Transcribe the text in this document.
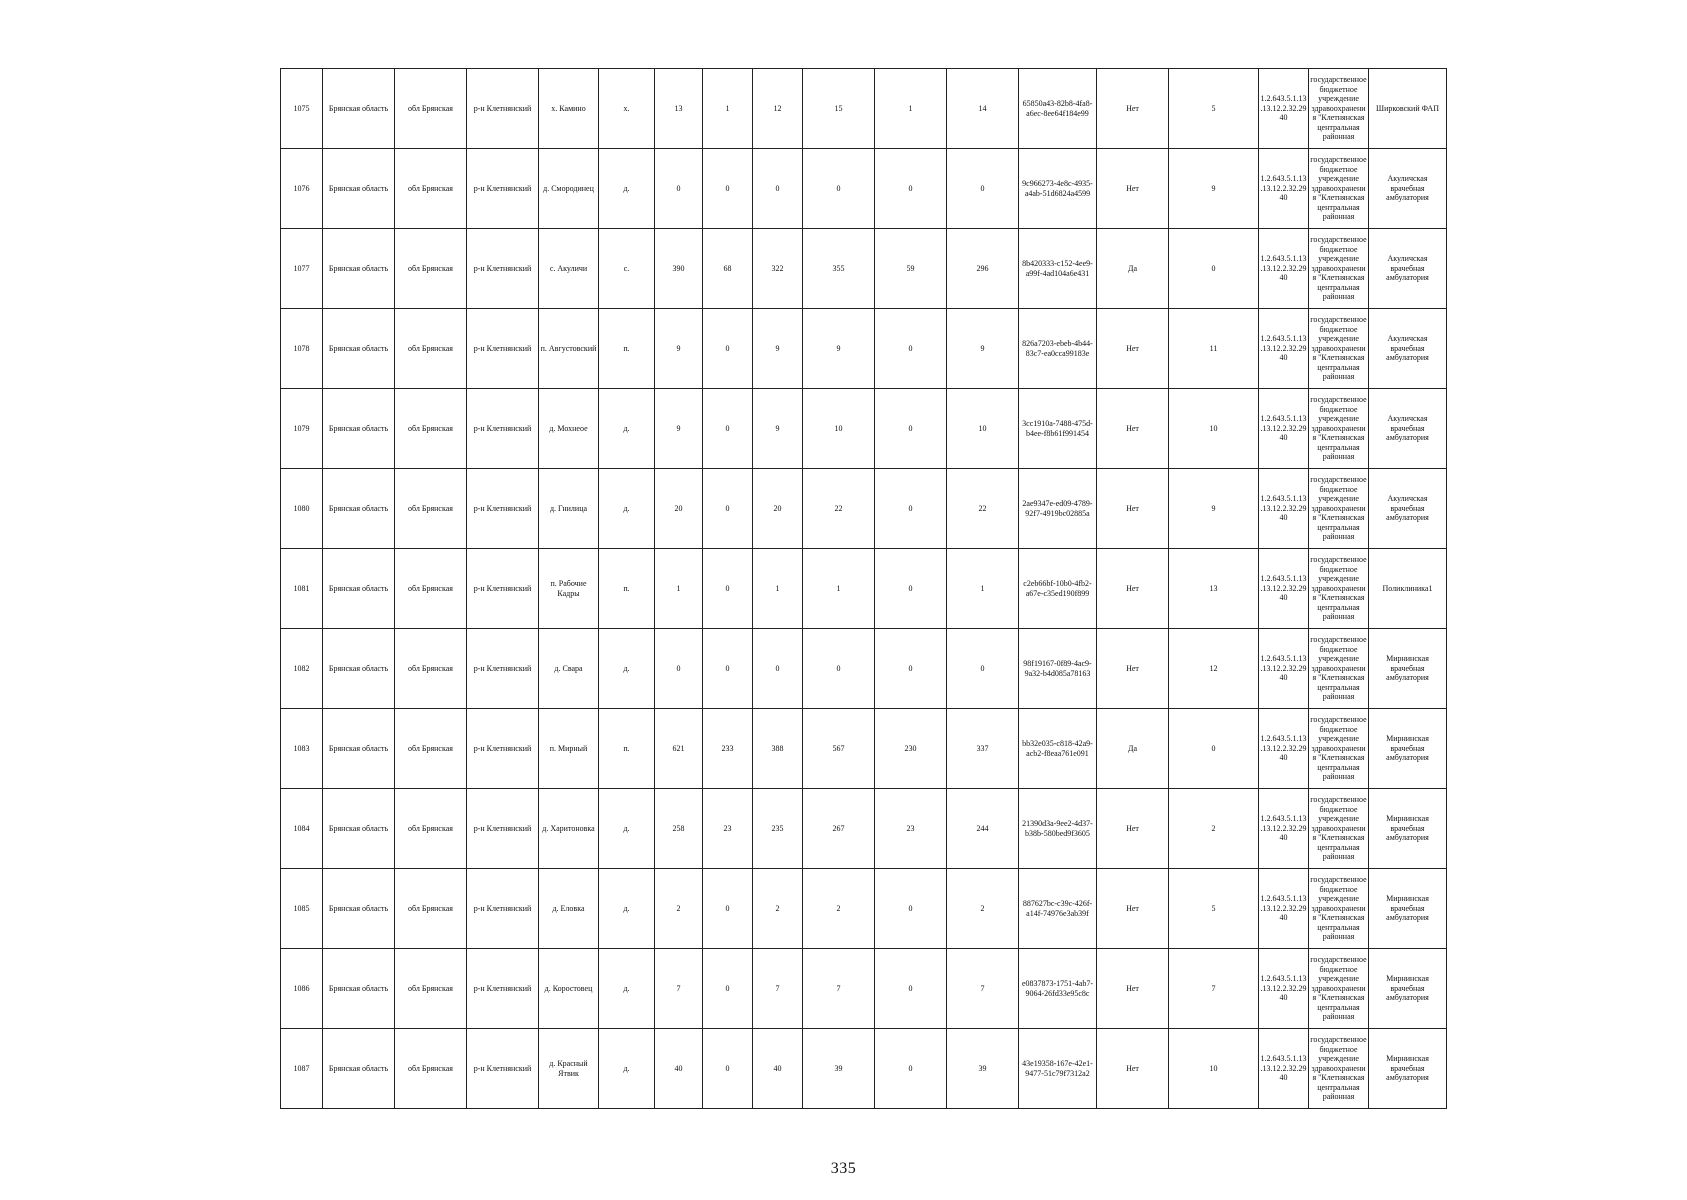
1075	Брянская область	обл Брянская	р-н Клетнянский	х. Камино	х.	13	1	12	15	1	14	65850a43-82b8-4fa8-a6ec-8ee64f184e99	Нет	5	1.2.643.5.1.13.13.12.2.32.2940	государственное бюджетное учреждение здравоохранения "Клетнянская центральная районная	Ширковский ФАП
1076	Брянская область	обл Брянская	р-н Клетнянский	д. Смородинец	д.	0	0	0	0	0	0	9c966273-4e8c-4935-a4ab-51d6824a4599	Нет	9	1.2.643.5.1.13.13.12.2.32.2940	государственное бюджетное учреждение здравоохранения "Клетнянская центральная районная	Акуличская врачебная амбулатория
1077	Брянская область	обл Брянская	р-н Клетнянский	с. Акуличи	с.	390	68	322	355	59	296	8b420333-c152-4ee9-a99f-4ad104a6e431	Да	0	1.2.643.5.1.13.13.12.2.32.2940	государственное бюджетное учреждение здравоохранения "Клетнянская центральная районная	Акуличская врачебная амбулатория
1078	Брянская область	обл Брянская	р-н Клетнянский	п. Августовский	п.	9	0	9	9	0	9	826a7203-ebeb-4b44-83c7-ea0cca99183e	Нет	11	1.2.643.5.1.13.13.12.2.32.2940	государственное бюджетное учреждение здравоохранения "Клетнянская центральная районная	Акуличская врачебная амбулатория
1079	Брянская область	обл Брянская	р-н Клетнянский	д. Мохнеое	д.	9	0	9	10	0	10	3cc1910a-7488-475d-b4ee-f8b61f991454	Нет	10	1.2.643.5.1.13.13.12.2.32.2940	государственное бюджетное учреждение здравоохранения "Клетнянская центральная районная	Акуличская врачебная амбулатория
1080	Брянская область	обл Брянская	р-н Клетнянский	д. Гнилица	д.	20	0	20	22	0	22	2ae9347e-ed09-4789-92f7-4919bc02885a	Нет	9	1.2.643.5.1.13.13.12.2.32.2940	государственное бюджетное учреждение здравоохранения "Клетнянская центральная районная	Акуличская врачебная амбулатория
1081	Брянская область	обл Брянская	р-н Клетнянский	п. Рабочие Кадры	п.	1	0	1	1	0	1	c2eb66bf-10b0-4fb2-a67e-c35ed190f899	Нет	13	1.2.643.5.1.13.13.12.2.32.2940	государственное бюджетное учреждение здравоохранения "Клетнянская центральная районная	Поликлиника1
1082	Брянская область	обл Брянская	р-н Клетнянский	д. Свара	д.	0	0	0	0	0	0	98f19167-0f89-4ac9-9a32-b4d085a78163	Нет	12	1.2.643.5.1.13.13.12.2.32.2940	государственное бюджетное учреждение здравоохранения "Клетнянская центральная районная	Мирнинская врачебная амбулатория
1083	Брянская область	обл Брянская	р-н Клетнянский	п. Мирный	п.	621	233	388	567	230	337	bb32e035-c818-42a9-acb2-f8eaa761e091	Да	0	1.2.643.5.1.13.13.12.2.32.2940	государственное бюджетное учреждение здравоохранения "Клетнянская центральная районная	Мирнинская врачебная амбулатория
1084	Брянская область	обл Брянская	р-н Клетнянский	д. Харитоновка	д.	258	23	235	267	23	244	21390d3a-9ee2-4d37-b38b-580bed9f3605	Нет	2	1.2.643.5.1.13.13.12.2.32.2940	государственное бюджетное учреждение здравоохранения "Клетнянская центральная районная	Мирнинская врачебная амбулатория
1085	Брянская область	обл Брянская	р-н Клетнянский	д. Еловка	д.	2	0	2	2	0	2	887627bc-c39c-426f-a14f-74976e3ab39f	Нет	5	1.2.643.5.1.13.13.12.2.32.2940	государственное бюджетное учреждение здравоохранения "Клетнянская центральная районная	Мирнинская врачебная амбулатория
1086	Брянская область	обл Брянская	р-н Клетнянский	д. Коростовец	д.	7	0	7	7	0	7	e0837873-1751-4ab7-9064-26fd33e95c8c	Нет	7	1.2.643.5.1.13.13.12.2.32.2940	государственное бюджетное учреждение здравоохранения "Клетнянская центральная районная	Мирнинская врачебная амбулатория
1087	Брянская область	обл Брянская	р-н Клетнянский	д. Красный Ятвик	д.	40	0	40	39	0	39	43e19358-167e-42e1-9477-51c79f7312a2	Нет	10	1.2.643.5.1.13.13.12.2.32.2940	государственное бюджетное учреждение здравоохранения "Клетнянская центральная районная	Мирнинская врачебная амбулатория
335
